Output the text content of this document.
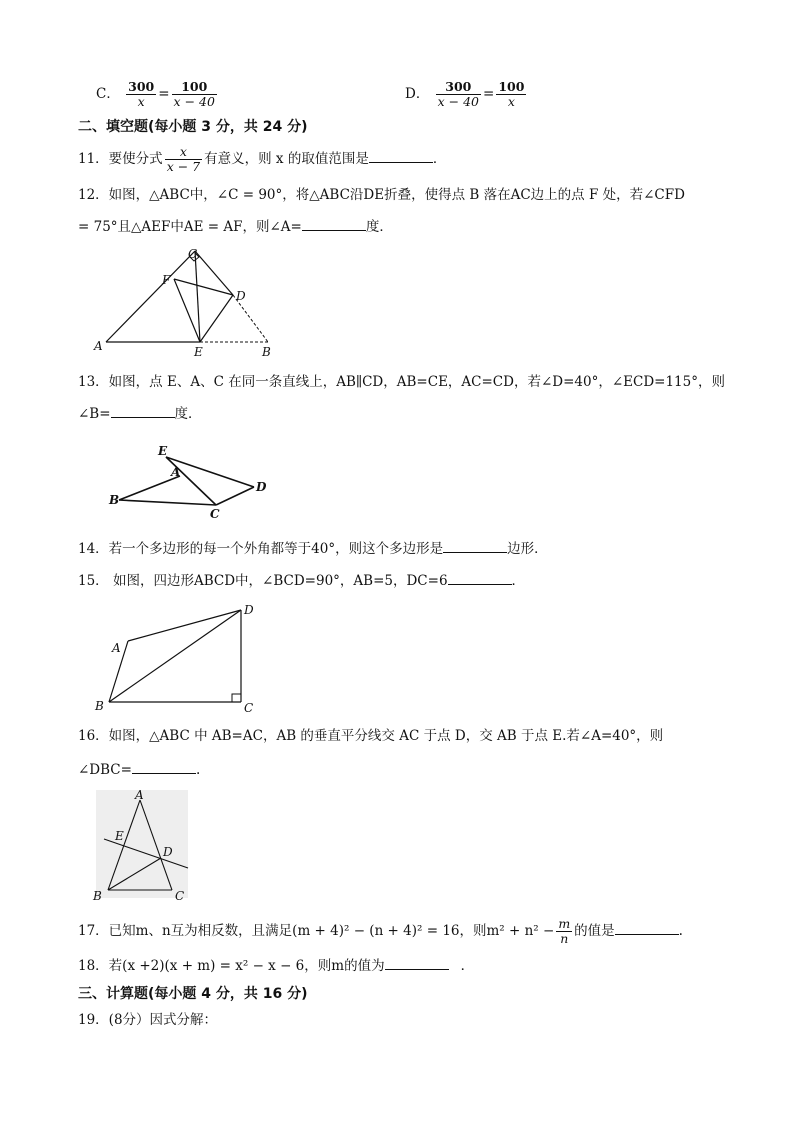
C． $\frac{300}{x} = \frac{100}{x - 40}$	D． $\frac{300}{x - 40} = \frac{100}{x}$
二、填空题(每小题 3 分，共 24 分)
11．要使分式 $\frac{x}{x - 7}$ 有意义，则 x 的取值范围是	．
12．如图，△ABC中，∠C = 90°，将△ABC沿DE折叠，使得点 B 落在AC边上的点 F 处，若∠CFD
= 75°且△AEF中AE = AF，则∠A=	度．
C
F
D
A	E	B
13．如图，点 E、A、C 在同一条直线上，AB∥CD，AB=CE，AC=CD，若∠D=40°，∠ECD=115°，则
∠B=	度．
E
A
B
C
D
14．若一个多边形的每一个外角都等于40°，则这个多边形是	边形．
15． 如图，四边形ABCD中，∠BCD=90°，AB=5，DC=6	．
A
D
B	C
16．如图，△ABC 中 AB=AC，AB 的垂直平分线交 AC 于点 D，交 AB 于点 E.若∠A=40°，则
∠DBC=	.
A
E
D
B	C
17．已知m、n互为相反数，且满足(m + 4)² − (n + 4)² = 16，则$m^2 + n^2 - \frac{m}{n}$ 的值是	.
18．若(x +2)(x + m) = x² − x − 6，则m的值为	．
三、计算题(每小题 4 分，共 16 分)
19．(8分）因式分解：
